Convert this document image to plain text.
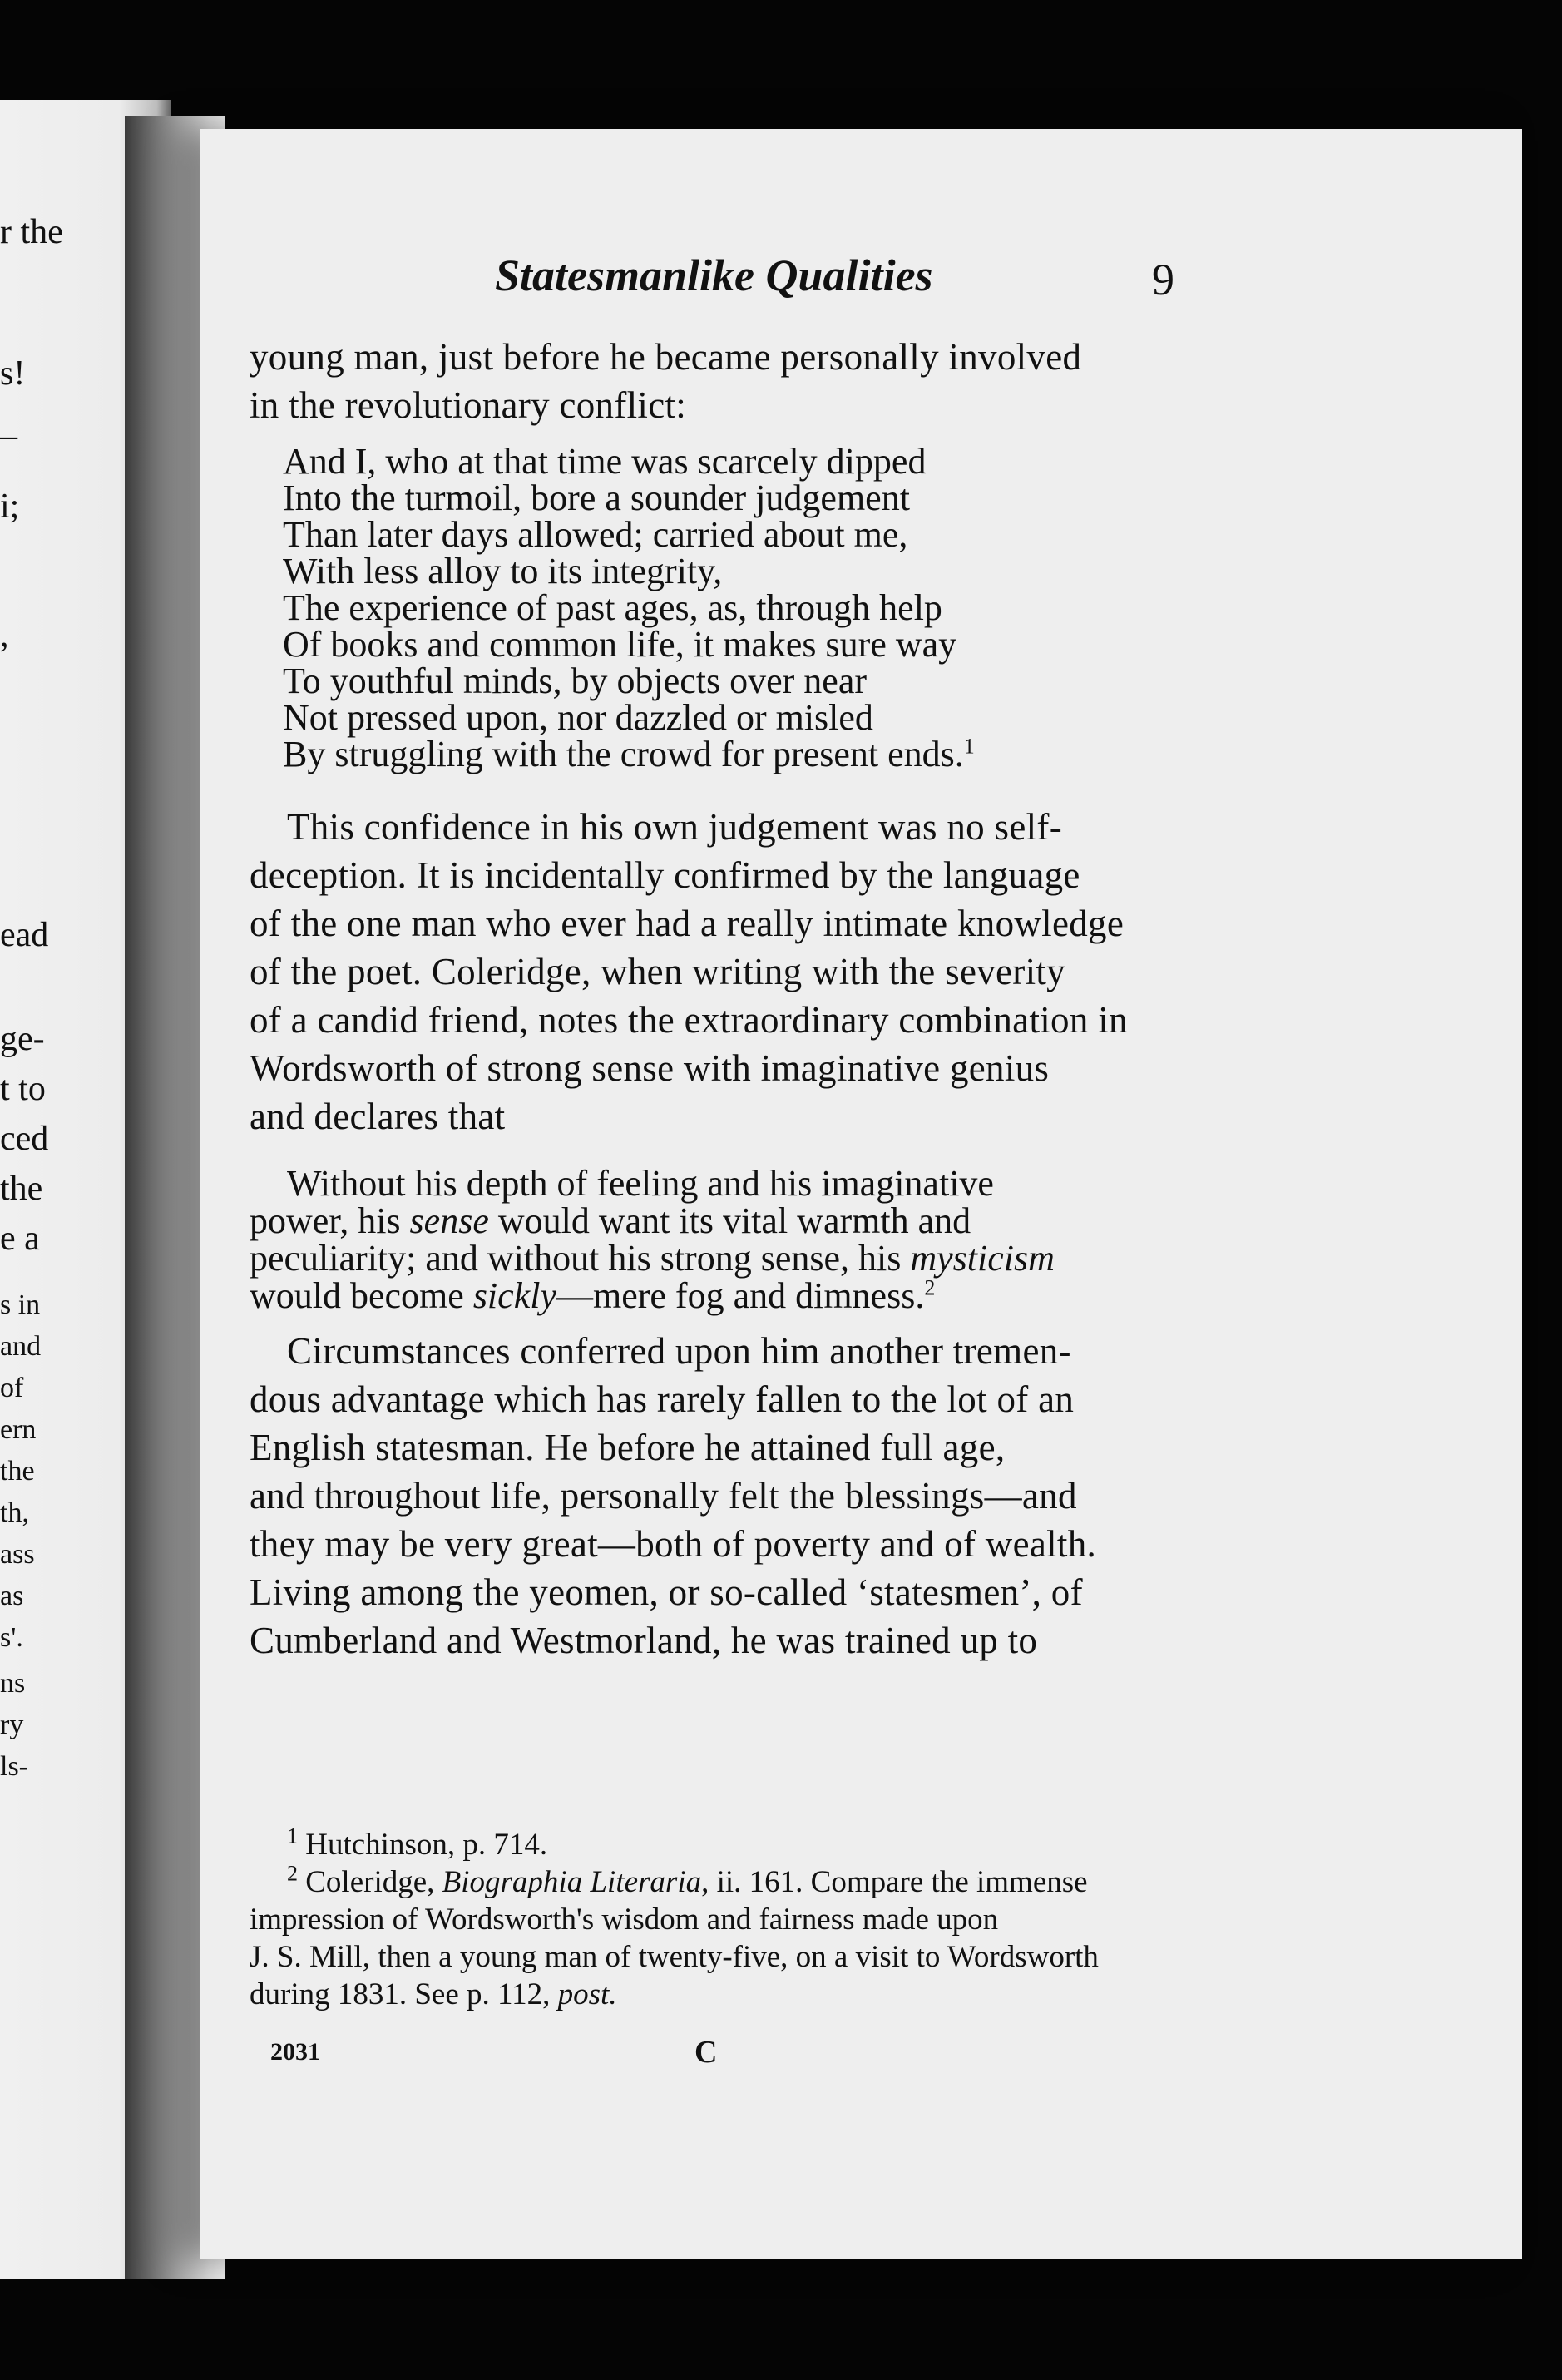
r the
s!
–
i;
,
ead
ge-
t to
ced
the
e a
s in
and
of
ern
the
th,
ass
as
s'.
ns
ry
ls-
Statesmanlike Qualities	9
young man, just before he became personally involved
in the revolutionary conflict:
And I, who at that time was scarcely dipped
Into the turmoil, bore a sounder judgement
Than later days allowed; carried about me,
With less alloy to its integrity,
The experience of past ages, as, through help
Of books and common life, it makes sure way
To youthful minds, by objects over near
Not pressed upon, nor dazzled or misled
By struggling with the crowd for present ends.$^1$
This confidence in his own judgement was no self-
deception. It is incidentally confirmed by the language
of the one man who ever had a really intimate knowledge
of the poet. Coleridge, when writing with the severity
of a candid friend, notes the extraordinary combination in
Wordsworth of strong sense with imaginative genius
and declares that
Without his depth of feeling and his imaginative
power, his sense would want its vital warmth and
peculiarity; and without his strong sense, his mysticism
would become sickly—mere fog and dimness.$^2$
Circumstances conferred upon him another tremen-
dous advantage which has rarely fallen to the lot of an
English statesman. He before he attained full age,
and throughout life, personally felt the blessings—and
they may be very great—both of poverty and of wealth.
Living among the yeomen, or so-called ‘statesmen’, of
Cumberland and Westmorland, he was trained up to
$^1$ Hutchinson, p. 714.
$^2$ Coleridge, Biographia Literaria, ii. 161. Compare the immense
impression of Wordsworth's wisdom and fairness made upon
J. S. Mill, then a young man of twenty-five, on a visit to Wordsworth
during 1831. See p. 112, post.
2031	C
